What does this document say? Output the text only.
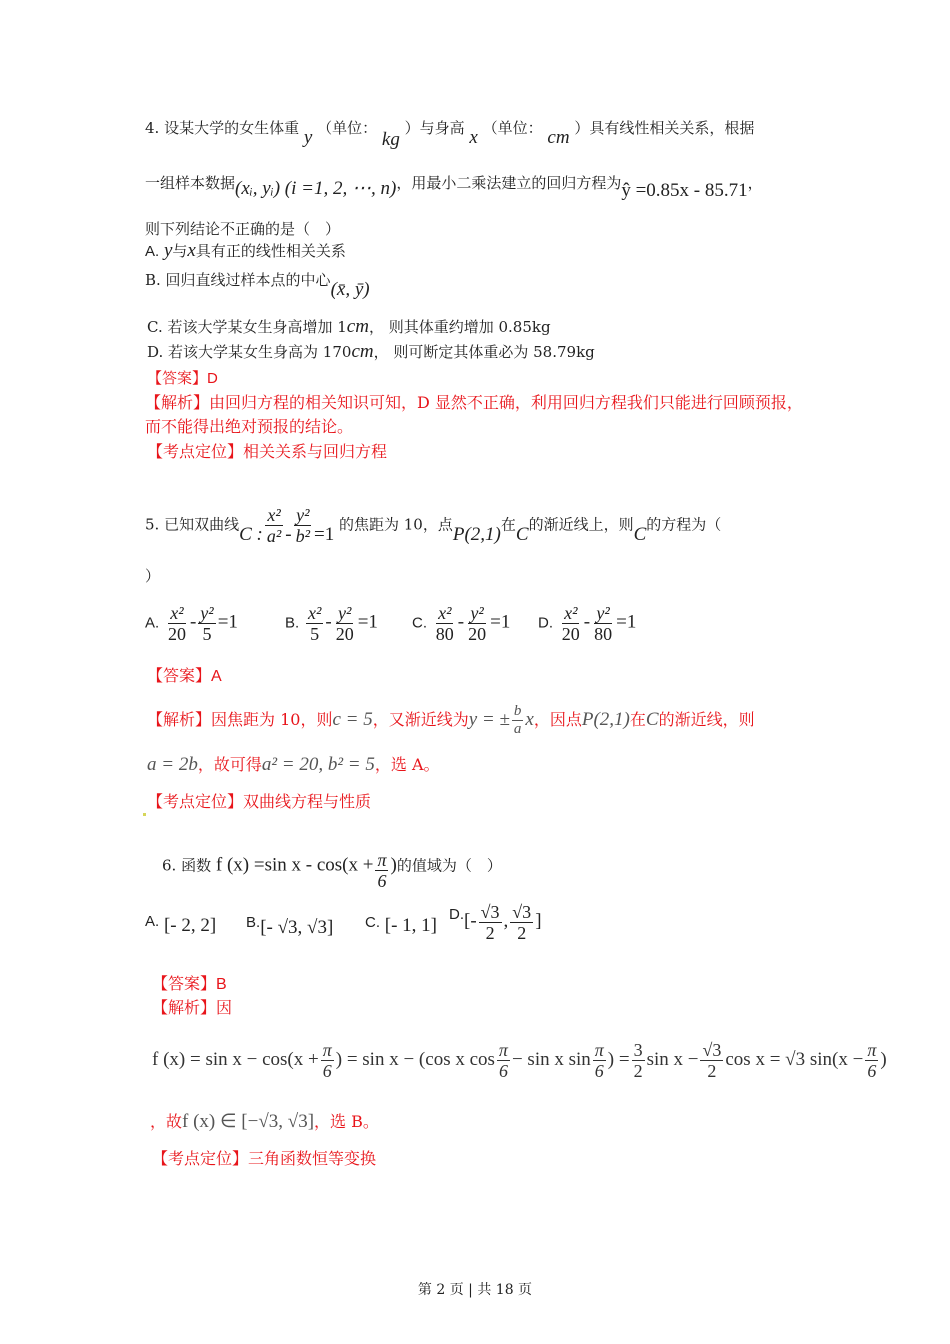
4. 设某大学的女生体重 y （单位： kg ）与身高 x （单位： cm ）具有线性相关关系，根据
一组样本数据(xᵢ, yᵢ) (i =1, 2, ⋯, n)，用最小二乘法建立的回归方程为ŷ =0.85x - 85.71，
则下列结论不正确的是（　）
A. y与x具有正的线性相关关系
B. 回归直线过样本点的中心(x̄, ȳ)
C. 若该大学某女生身高增加 1cm， 则其体重约增加 0.85kg
D. 若该大学某女生身高为 170cm， 则可断定其体重必为 58.79kg
【答案】D
【解析】由回归方程的相关知识可知，D 显然不正确，利用回归方程我们只能进行回顾预报，
而不能得出绝对预报的结论。
【考点定位】相关关系与回归方程
5. 已知双曲线C : $\frac{\text{x²}}{\text{a²}} - \frac{\text{y²}}{\text{b²}} =1$ 的焦距为 10，点P(2,1)在C的渐近线上，则C的方程为（
）
A. $\frac{\text{x²}}{20} - \frac{\text{y²}}{5} =1$	B. $\frac{\text{x²}}{5} - \frac{\text{y²}}{20} =1$ C. $\frac{\text{x²}}{80} - \frac{\text{y²}}{20} =1$ D. $\frac{\text{x²}}{20} - \frac{\text{y²}}{80} =1$
【答案】A
【解析】因焦距为 10，则c = 5，又渐近线为y = ± $\frac{b}{a}$ x，因点P(2,1)在C的渐近线，则
a = 2b，故可得a² = 20, b² = 5，选 A。
【考点定位】双曲线方程与性质
6. 函数 f (x) =sin $x - \cos(x + \frac{\pi}{6}$ )的值域为（　）
A. [- 2, 2] B.[- √3, √3] C. [- 1, 1]
$D.[- \frac{√3}{2}$ , $\frac{√3}{2}$ ]
【答案】B
【解析】因
f $(x) = \sin x - \cos(x + \frac{\pi}{6}$ ) = sin x − (cos x $\cos \frac{\pi}{6} - \sin x$ $\sin \frac{\pi}{6}$ ) = $\frac{3}{2}$ $\sin x - \frac{√3}{2}$ cos x = √3 $\sin(x - \frac{\pi}{6}$ )
，故f (x) ∈ [−√3, √3]，选 B。
【考点定位】三角函数恒等变换
第 2 页 | 共 18 页
